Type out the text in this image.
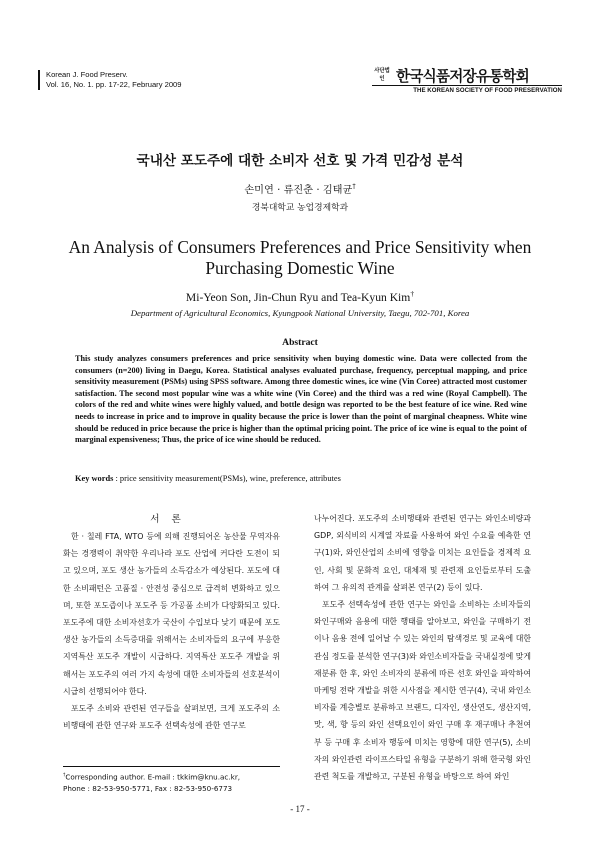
Korean J. Food Preserv.
Vol. 16, No. 1. pp. 17-22, February 2009
사단법인 한국식품저장유통학회
THE KOREAN SOCIETY OF FOOD PRESERVATION
국내산 포도주에 대한 소비자 선호 및 가격 민감성 분석
손미연 · 류진춘 · 김태균†
경북대학교 농업경제학과
An Analysis of Consumers Preferences and Price Sensitivity when
Purchasing Domestic Wine
Mi-Yeon Son, Jin-Chun Ryu and Tea-Kyun Kim†
Department of Agricultural Economics, Kyungpook National University, Taegu, 702-701, Korea
Abstract
This study analyzes consumers preferences and price sensitivity when buying domestic wine. Data were collected from the consumers (n=200) living in Daegu, Korea. Statistical analyses evaluated purchase, frequency, perceptual mapping, and price sensitivity measurement (PSMs) using SPSS software. Among three domestic wines, ice wine (Vin Coree) attracted most customer satisfaction. The second most popular wine was a white wine (Vin Coree) and the third was a red wine (Royal Campbell). The colors of the red and white wines were highly valued, and bottle design was reported to be the best feature of ice wine. Red wine needs to increase in price and to improve in quality because the price is lower than the point of marginal cheapness. White wine should be reduced in price because the price is higher than the optimal pricing point. The price of ice wine is equal to the point of marginal expensiveness; Thus, the price of ice wine should be reduced.
Key words : price sensitivity measurement(PSMs), wine, preference, attributes
서론

한 · 칠레 FTA, WTO 등에 의해 진행되어온 농산물 무역자유화는 경쟁력이 취약한 우리나라 포도 산업에 커다란 도전이 되고 있으며, 포도 생산 농가들의 소득감소가 예상된다. 포도에 대한 소비패턴은 고품질 · 안전성 중심으로 급격히 변화하고 있으며, 또한 포도즙이나 포도주 등 가공품 소비가 다양화되고 있다. 포도주에 대한 소비자선호가 국산이 수입보다 낮기 때문에 포도생산 농가들의 소득증대를 위해서는 소비자들의 요구에 부응한 지역특산 포도주 개발이 시급하다. 지역특산 포도주 개발을 위해서는 포도주의 여러 가지 속성에 대한 소비자들의 선호분석이 시급히 선행되어야 한다.

포도주 소비와 관련된 연구들을 살펴보면, 크게 포도주의 소비행태에 관한 연구와 포도주 선택속성에 관한 연구로

나누어진다. 포도주의 소비행태와 관련된 연구는 와인소비량과 GDP, 외식비의 시계열 자료를 사용하여 와인 수요를 예측한 연구(1)와, 와인산업의 소비에 영향을 미치는 요인들을 경제적 요인, 사회 및 문화적 요인, 대체재 및 관련재 요인들로부터 도출하여 그 유의적 관계를 살펴본 연구(2) 등이 있다.

포도주 선택속성에 관한 연구는 와인을 소비하는 소비자들의 와인구매와 음용에 대한 행태를 알아보고, 와인을 구매하기 전이나 음용 전에 일어날 수 있는 와인의 탐색경로 및 교육에 대한 관심 정도를 분석한 연구(3)와 와인소비자들을 국내실정에 맞게 재분류 한 후, 와인 소비자의 분류에 따른 선호 와인을 파악하여 마케팅 전략 개발을 위한 시사점을 제시한 연구(4), 국내 와인소비자를 계층별로 분류하고 브랜드, 디자인, 생산연도, 생산지역, 맛, 색, 향 등의 와인 선택요인이 와인 구매 후 재구매나 추천여부 등 구매 후 소비자 행동에 미치는 영향에 대한 연구(5), 소비자의 와인관련 라이프스타일 유형을 구분하기 위해 한국형 와인관련 척도를 개발하고, 구분된 유형을 바탕으로 하여 와인

†Corresponding author. E-mail : tkkim@knu.ac.kr,
Phone : 82-53-950-5771, Fax : 82-53-950-6773
- 17 -
